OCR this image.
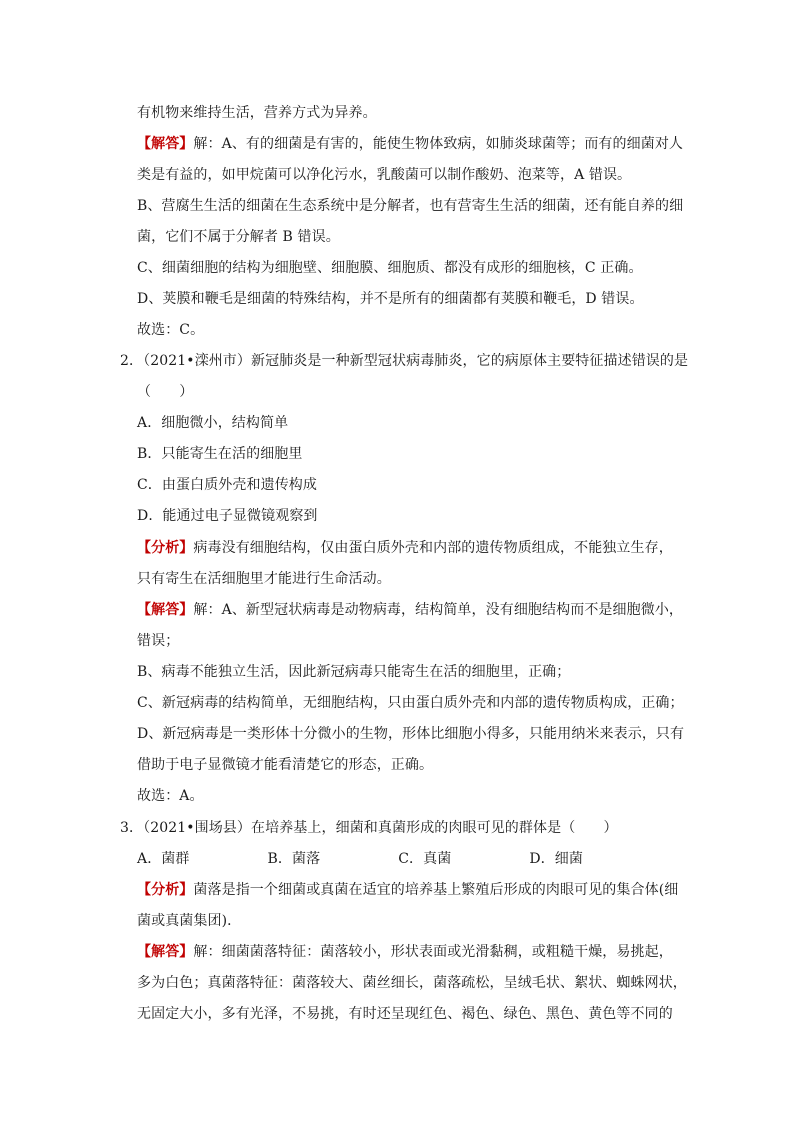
有机物来维持生活，营养方式为异养。

【解答】解：A、有的细菌是有害的，能使生物体致病，如肺炎球菌等；而有的细菌对人

类是有益的，如甲烷菌可以净化污水，乳酸菌可以制作酸奶、泡菜等，A 错误。

B、营腐生生活的细菌在生态系统中是分解者，也有营寄生生活的细菌，还有能自养的细

菌，它们不属于分解者 B 错误。

C、细菌细胞的结构为细胞壁、细胞膜、细胞质、都没有成形的细胞核，C 正确。

D、荚膜和鞭毛是细菌的特殊结构，并不是所有的细菌都有荚膜和鞭毛，D 错误。

故选：C。

2．（2021•滦州市）新冠肺炎是一种新型冠状病毒肺炎，它的病原体主要特征描述错误的是

（　　）

A．细胞微小，结构简单

B．只能寄生在活的细胞里

C．由蛋白质外壳和遗传构成

D．能通过电子显微镜观察到

【分析】病毒没有细胞结构，仅由蛋白质外壳和内部的遗传物质组成，不能独立生存，

只有寄生在活细胞里才能进行生命活动。

【解答】解：A、新型冠状病毒是动物病毒，结构简单，没有细胞结构而不是细胞微小，

错误；

B、病毒不能独立生活，因此新冠病毒只能寄生在活的细胞里，正确；

C、新冠病毒的结构简单，无细胞结构，只由蛋白质外壳和内部的遗传物质构成，正确；

D、新冠病毒是一类形体十分微小的生物，形体比细胞小得多，只能用纳米来表示，只有

借助于电子显微镜才能看清楚它的形态，正确。

故选：A。

3．（2021•围场县）在培养基上，细菌和真菌形成的肉眼可见的群体是（　　）

A．菌群	B．菌落	C．真菌	D．细菌

【分析】菌落是指一个细菌或真菌在适宜的培养基上繁殖后形成的肉眼可见的集合体(细

菌或真菌集团)．

【解答】解：细菌菌落特征：菌落较小，形状表面或光滑黏稠，或粗糙干燥，易挑起，

多为白色；真菌落特征：菌落较大、菌丝细长，菌落疏松，呈绒毛状、絮状、蜘蛛网状，

无固定大小，多有光泽，不易挑，有时还呈现红色、褐色、绿色、黑色、黄色等不同的
